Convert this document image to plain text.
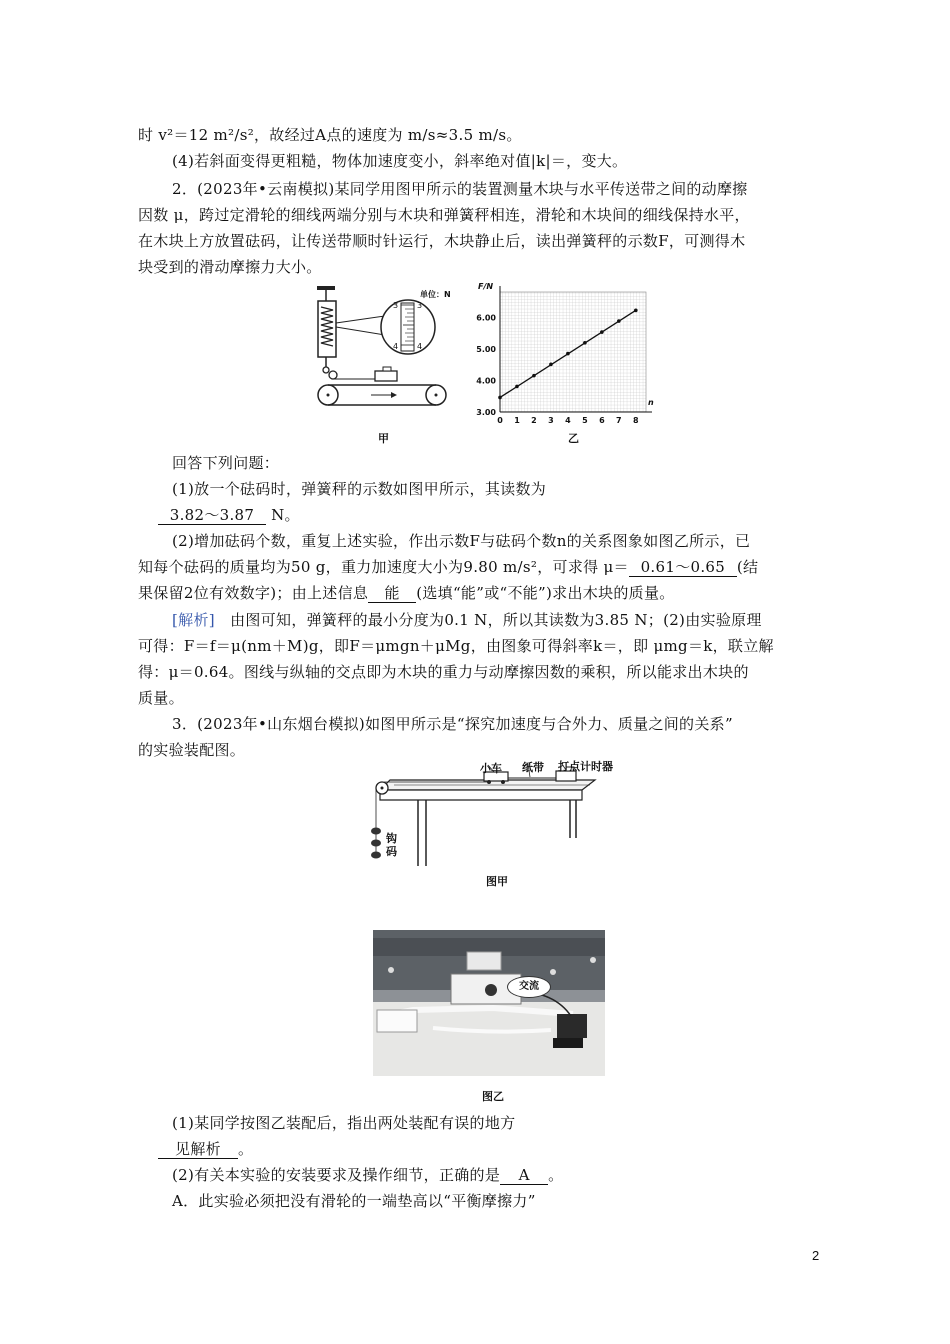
时 v²＝12 m²/s²，故经过A点的速度为 m/s≈3.5 m/s。
(4)若斜面变得更粗糙，物体加速度变小，斜率绝对值|k|＝，变大。
2．(2023年•云南模拟)某同学用图甲所示的装置测量木块与水平传送带之间的动摩擦
因数 μ，跨过定滑轮的细线两端分别与木块和弹簧秤相连，滑轮和木块间的细线保持水平，
在木块上方放置砝码，让传送带顺时针运行，木块静止后，读出弹簧秤的示数F，可测得木
块受到的滑动摩擦力大小。
3 3
4 4
单位：N
甲
0 1 2 3 4 5 6 7 8
3.00
4.00
5.00
6.00
F/N
n
乙
回答下列问题：
(1)放一个砝码时，弹簧秤的示数如图甲所示，其读数为
3.82～3.87 N。
(2)增加砝码个数，重复上述实验，作出示数F与砝码个数n的关系图象如图乙所示，已
知每个砝码的质量均为50 g，重力加速度大小为9.80 m/s²，可求得 μ＝ 0.61～0.65 (结
果保留2位有效数字)；由上述信息 能 (选填“能”或“不能”)求出木块的质量。
[解析] 由图可知，弹簧秤的最小分度为0.1 N，所以其读数为3.85 N；(2)由实验原理
可得：F＝f＝μ(nm＋M)g，即F＝μmgn＋μMg，由图象可得斜率k＝，即 μmg＝k，联立解
得：μ＝0.64。图线与纵轴的交点即为木块的重力与动摩擦因数的乘积，所以能求出木块的
质量。
3．(2023年•山东烟台模拟)如图甲所示是“探究加速度与合外力、质量之间的关系”
的实验装配图。
小车 纸带 打点计时器
钩码
图甲
交流
图乙
(1)某同学按图乙装配后，指出两处装配有误的地方
见解析 。
(2)有关本实验的安装要求及操作细节，正确的是 A 。
A．此实验必须把没有滑轮的一端垫高以“平衡摩擦力”
2
